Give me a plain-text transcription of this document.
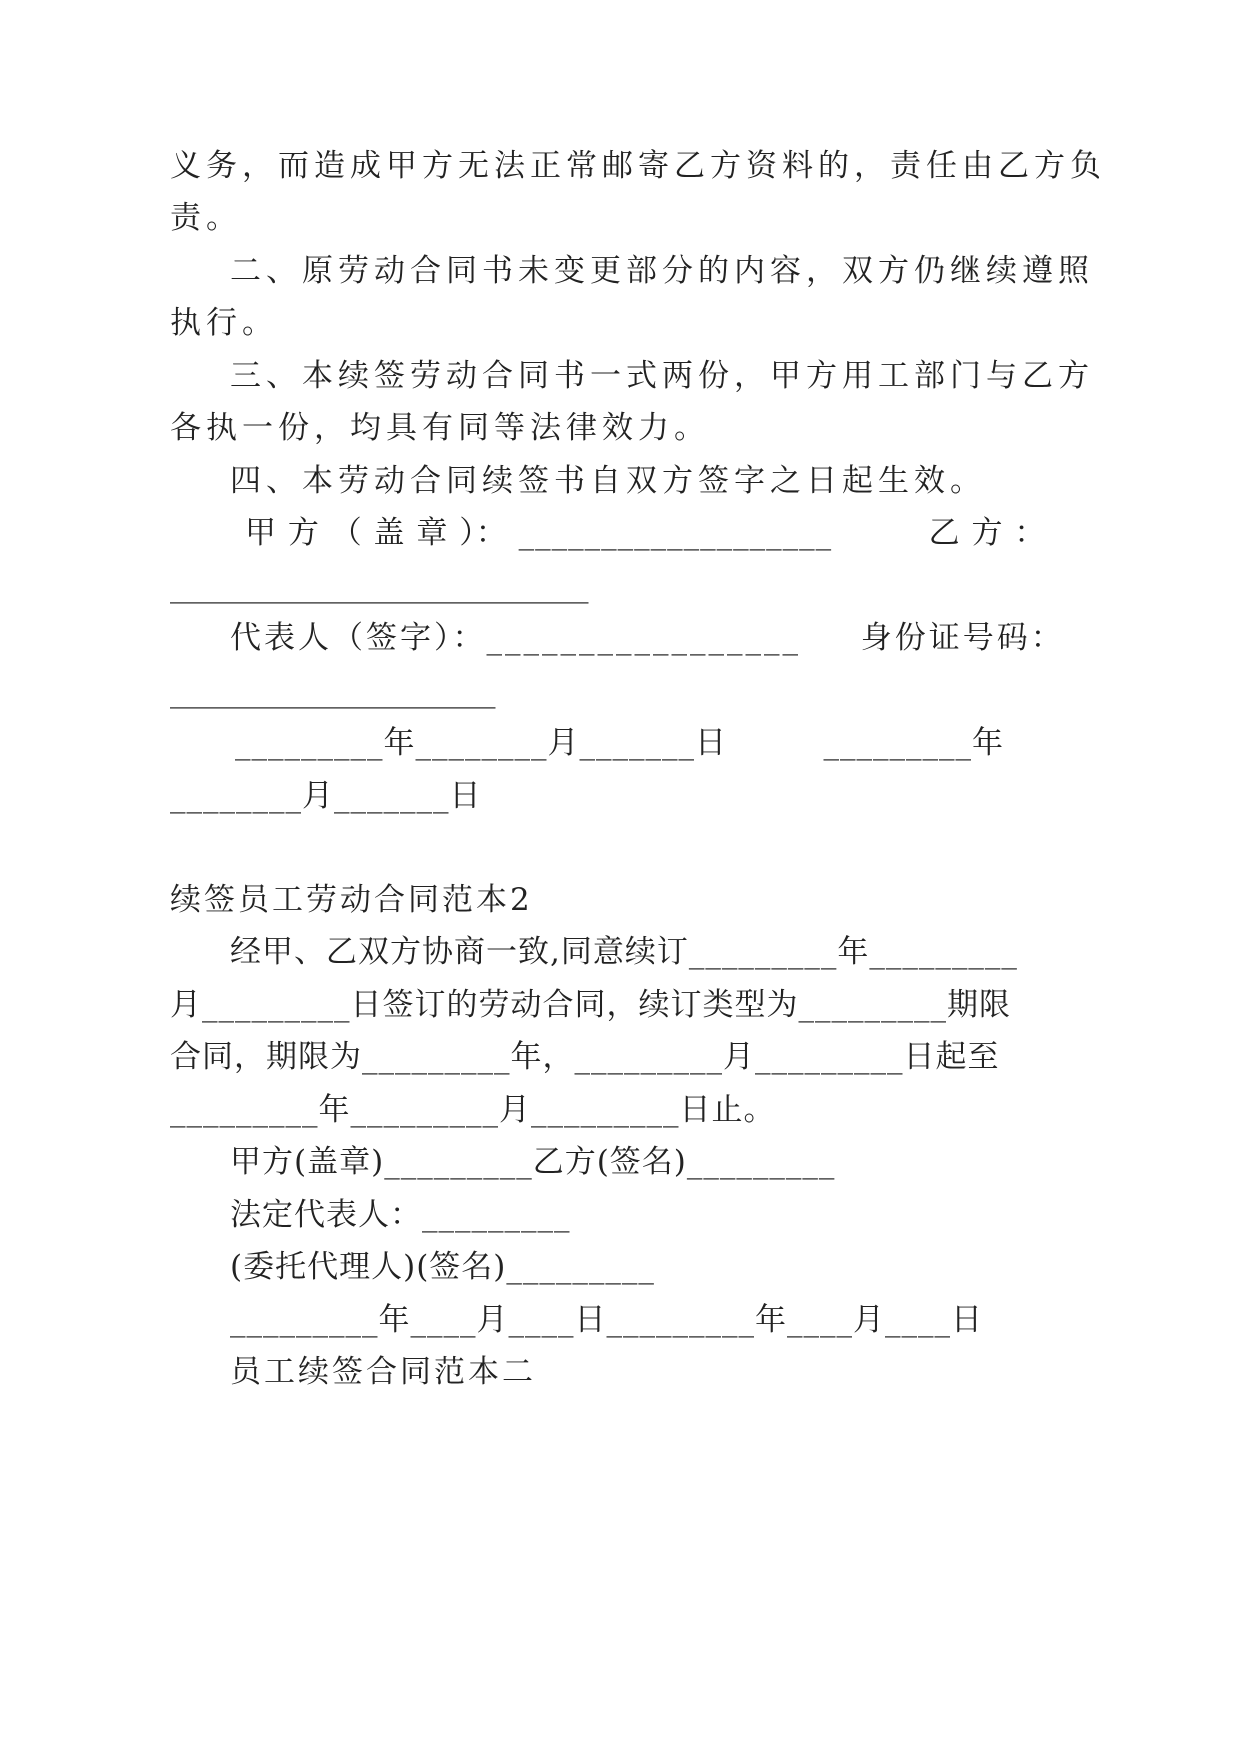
义务，而造成甲方无法正常邮寄乙方资料的，责任由乙方负
责。
二、原劳动合同书未变更部分的内容，双方仍继续遵照
执行。
三、本续签劳动合同书一式两份，甲方用工部门与乙方
各执一份，均具有同等法律效力。
四、本劳动合同续签书自双方签字之日起生效。
甲 方 （ 盖 章 ）： ___________________ 　 　 乙 方 ：
___________________________
代表人（签字）：_________________ 　 身份证号码：
_____________________
_________年________月_______日 　 　 _________年
________月_______日
续签员工劳动合同范本2
经甲、乙双方协商一致,同意续订_________年_________
月_________日签订的劳动合同，续订类型为_________期限
合同，期限为_________年，_________月_________日起至
_________年_________月_________日止。
甲方(盖章)_________乙方(签名)_________
法定代表人：_________
(委托代理人)(签名)_________
_________年____月____日_________年____月____日
员工续签合同范本二
